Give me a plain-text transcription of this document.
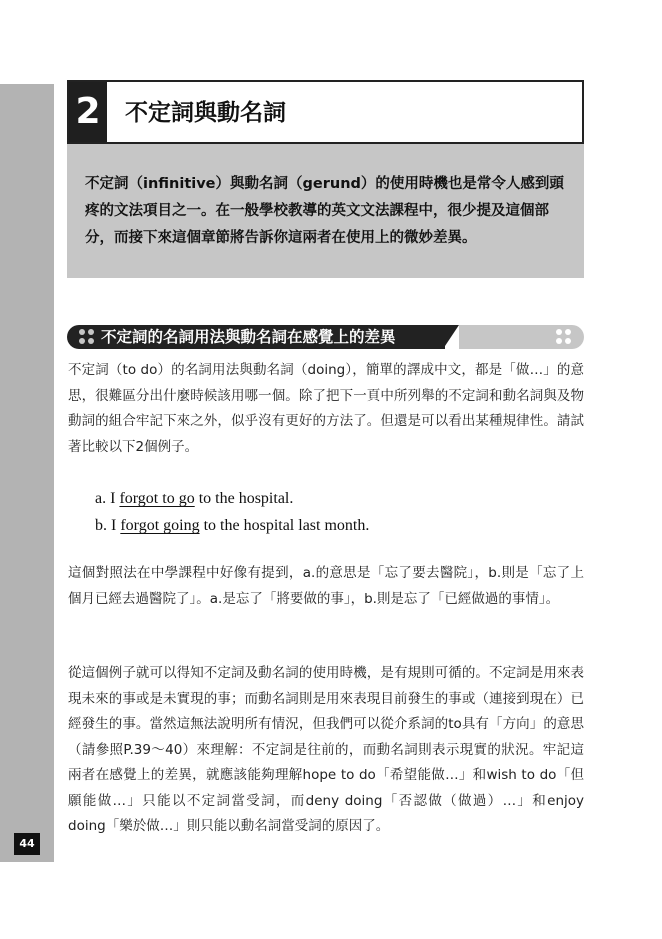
44
2 不定詞與動名詞
不定詞（infinitive）與動名詞（gerund）的使用時機也是常令人感到頭疼的文法項目之一。在一般學校教導的英文文法課程中，很少提及這個部分，而接下來這個章節將告訴你這兩者在使用上的微妙差異。
不定詞的名詞用法與動名詞在感覺上的差異

不定詞（to do）的名詞用法與動名詞（doing），簡單的譯成中文，都是「做…」的意思，很難區分出什麼時候該用哪一個。除了把下一頁中所列舉的不定詞和動名詞與及物動詞的組合牢記下來之外，似乎沒有更好的方法了。但還是可以看出某種規律性。請試著比較以下2個例子。

a. I forgot to go to the hospital.
b. I forgot going to the hospital last month.

這個對照法在中學課程中好像有提到，a.的意思是「忘了要去醫院」，b.則是「忘了上個月已經去過醫院了」。a.是忘了「將要做的事」，b.則是忘了「已經做過的事情」。

從這個例子就可以得知不定詞及動名詞的使用時機，是有規則可循的。不定詞是用來表現未來的事或是未實現的事；而動名詞則是用來表現目前發生的事或（連接到現在）已經發生的事。當然這無法說明所有情況，但我們可以從介系詞的to具有「方向」的意思（請參照P.39～40）來理解：不定詞是往前的，而動名詞則表示現實的狀況。牢記這兩者在感覺上的差異，就應該能夠理解hope to do「希望能做…」和wish to do「但願能做…」只能以不定詞當受詞，而deny doing「否認做（做過）…」和enjoy doing「樂於做…」則只能以動名詞當受詞的原因了。
